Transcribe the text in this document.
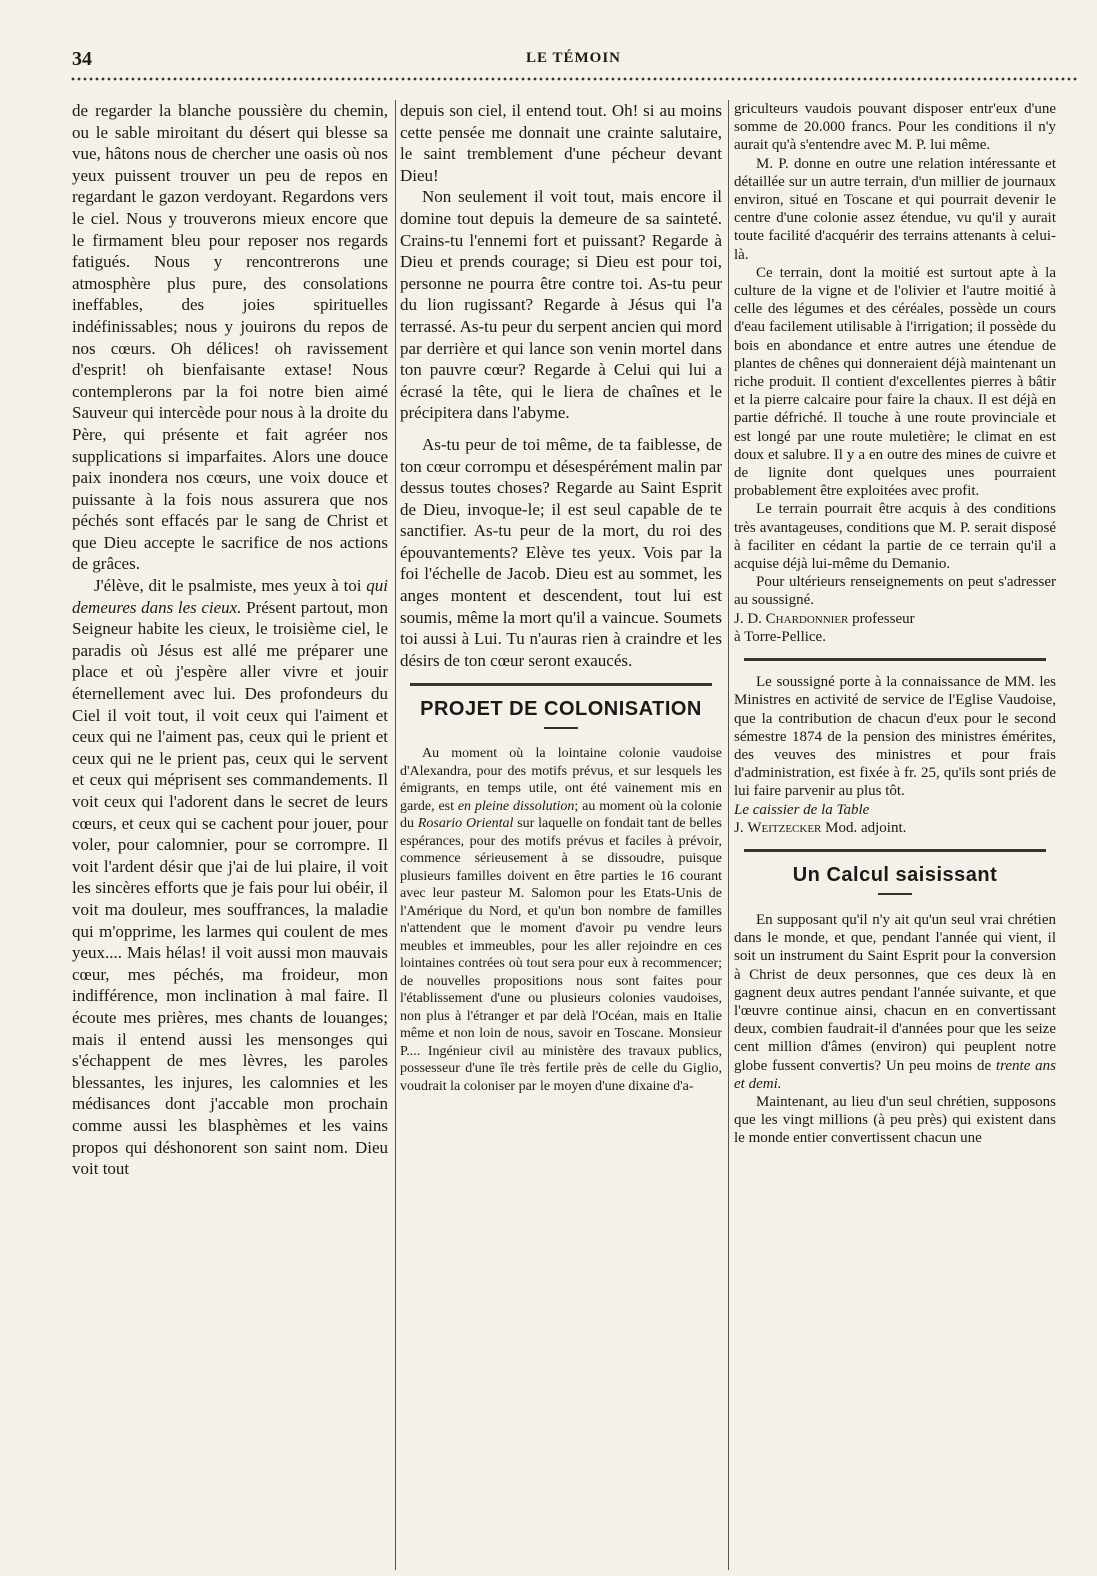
34	LE TÉMOIN

de regarder la blanche poussière du chemin, ou le sable miroitant du désert qui blesse sa vue, hâtons nous de chercher une oasis où nos yeux puissent trouver un peu de repos en regardant le gazon verdoyant. Regardons vers le ciel. Nous y trouverons mieux encore que le firmament bleu pour reposer nos regards fatigués. Nous y rencontrerons une atmosphère plus pure, des consolations ineffables, des joies spirituelles indéfinissables; nous y jouirons du repos de nos cœurs. Oh délices! oh ravissement d'esprit! oh bienfaisante extase! Nous contemplerons par la foi notre bien aimé Sauveur qui intercède pour nous à la droite du Père, qui présente et fait agréer nos supplications si imparfaites. Alors une douce paix inondera nos cœurs, une voix douce et puissante à la fois nous assurera que nos péchés sont effacés par le sang de Christ et que Dieu accepte le sacrifice de nos actions de grâces.

J'élève, dit le psalmiste, mes yeux à toi qui demeures dans les cieux. Présent partout, mon Seigneur habite les cieux, le troisième ciel, le paradis où Jésus est allé me préparer une place et où j'espère aller vivre et jouir éternellement avec lui. Des profondeurs du Ciel il voit tout, il voit ceux qui l'aiment et ceux qui ne l'aiment pas, ceux qui le prient et ceux qui ne le prient pas, ceux qui le servent et ceux qui méprisent ses commandements. Il voit ceux qui l'adorent dans le secret de leurs cœurs, et ceux qui se cachent pour jouer, pour voler, pour calomnier, pour se corrompre. Il voit l'ardent désir que j'ai de lui plaire, il voit les sincères efforts que je fais pour lui obéir, il voit ma douleur, mes souffrances, la maladie qui m'opprime, les larmes qui coulent de mes yeux.... Mais hélas! il voit aussi mon mauvais cœur, mes péchés, ma froideur, mon indifférence, mon inclination à mal faire. Il écoute mes prières, mes chants de louanges; mais il entend aussi les mensonges qui s'échappent de mes lèvres, les paroles blessantes, les injures, les calomnies et les médisances dont j'accable mon prochain comme aussi les blasphèmes et les vains propos qui déshonorent son saint nom. Dieu voit tout

depuis son ciel, il entend tout. Oh! si au moins cette pensée me donnait une crainte salutaire, le saint tremblement d'une pécheur devant Dieu!

Non seulement il voit tout, mais encore il domine tout depuis la demeure de sa sainteté. Crains-tu l'ennemi fort et puissant? Regarde à Dieu et prends courage; si Dieu est pour toi, personne ne pourra être contre toi. As-tu peur du lion rugissant? Regarde à Jésus qui l'a terrassé. As-tu peur du serpent ancien qui mord par derrière et qui lance son venin mortel dans ton pauvre cœur? Regarde à Celui qui lui a écrasé la tête, qui le liera de chaînes et le précipitera dans l'abyme.

As-tu peur de toi même, de ta faiblesse, de ton cœur corrompu et désespérément malin par dessus toutes choses? Regarde au Saint Esprit de Dieu, invoque-le; il est seul capable de te sanctifier. As-tu peur de la mort, du roi des épouvantements? Elève tes yeux. Vois par la foi l'échelle de Jacob. Dieu est au sommet, les anges montent et descendent, tout lui est soumis, même la mort qu'il a vaincue. Soumets toi aussi à Lui. Tu n'auras rien à craindre et les désirs de ton cœur seront exaucés.

PROJET DE COLONISATION

Au moment où la lointaine colonie vaudoise d'Alexandra, pour des motifs prévus, et sur lesquels les émigrants, en temps utile, ont été vainement mis en garde, est en pleine dissolution; au moment où la colonie du Rosario Oriental sur laquelle on fondait tant de belles espérances, pour des motifs prévus et faciles à prévoir, commence sérieusement à se dissoudre, puisque plusieurs familles doivent en être parties le 16 courant avec leur pasteur M. Salomon pour les Etats-Unis de l'Amérique du Nord, et qu'un bon nombre de familles n'attendent que le moment d'avoir pu vendre leurs meubles et immeubles, pour les aller rejoindre en ces lointaines contrées où tout sera pour eux à recommencer; de nouvelles propositions nous sont faites pour l'établissement d'une ou plusieurs colonies vaudoises, non plus à l'étranger et par delà l'Océan, mais en Italie même et non loin de nous, savoir en Toscane. Monsieur P.... Ingénieur civil au ministère des travaux publics, possesseur d'une île très fertile près de celle du Giglio, voudrait la coloniser par le moyen d'une dixaine d'a-

griculteurs vaudois pouvant disposer entr'eux d'une somme de 20.000 francs. Pour les conditions il n'y aurait qu'à s'entendre avec M. P. lui même.

M. P. donne en outre une relation intéressante et détaillée sur un autre terrain, d'un millier de journaux environ, situé en Toscane et qui pourrait devenir le centre d'une colonie assez étendue, vu qu'il y aurait toute facilité d'acquérir des terrains attenants à celui-là.

Ce terrain, dont la moitié est surtout apte à la culture de la vigne et de l'olivier et l'autre moitié à celle des légumes et des céréales, possède un cours d'eau facilement utilisable à l'irrigation; il possède du bois en abondance et entre autres une étendue de plantes de chênes qui donneraient déjà maintenant un riche produit. Il contient d'excellentes pierres à bâtir et la pierre calcaire pour faire la chaux. Il est déjà en partie défriché. Il touche à une route provinciale et est longé par une route muletière; le climat en est doux et salubre. Il y a en outre des mines de cuivre et de lignite dont quelques unes pourraient probablement être exploitées avec profit.

Le terrain pourrait être acquis à des conditions très avantageuses, conditions que M. P. serait disposé à faciliter en cédant la partie de ce terrain qu'il a acquise déjà lui-même du Demanio.

Pour ultérieurs renseignements on peut s'adresser au soussigné.

J. D. Chardonnier professeur

à Torre-Pellice.

Le soussigné porte à la connaissance de MM. les Ministres en activité de service de l'Eglise Vaudoise, que la contribution de chacun d'eux pour le second sémestre 1874 de la pension des ministres émérites, des veuves des ministres et pour frais d'administration, est fixée à fr. 25, qu'ils sont priés de lui faire parvenir au plus tôt.

Le caissier de la Table

J. Weitzecker Mod. adjoint.

Un Calcul saisissant

En supposant qu'il n'y ait qu'un seul vrai chrétien dans le monde, et que, pendant l'année qui vient, il soit un instrument du Saint Esprit pour la conversion à Christ de deux personnes, que ces deux là en gagnent deux autres pendant l'année suivante, et que l'œuvre continue ainsi, chacun en en convertissant deux, combien faudrait-il d'années pour que les seize cent million d'âmes (environ) qui peuplent notre globe fussent convertis? Un peu moins de trente ans et demi.

Maintenant, au lieu d'un seul chrétien, supposons que les vingt millions (à peu près) qui existent dans le monde entier convertissent chacun une
